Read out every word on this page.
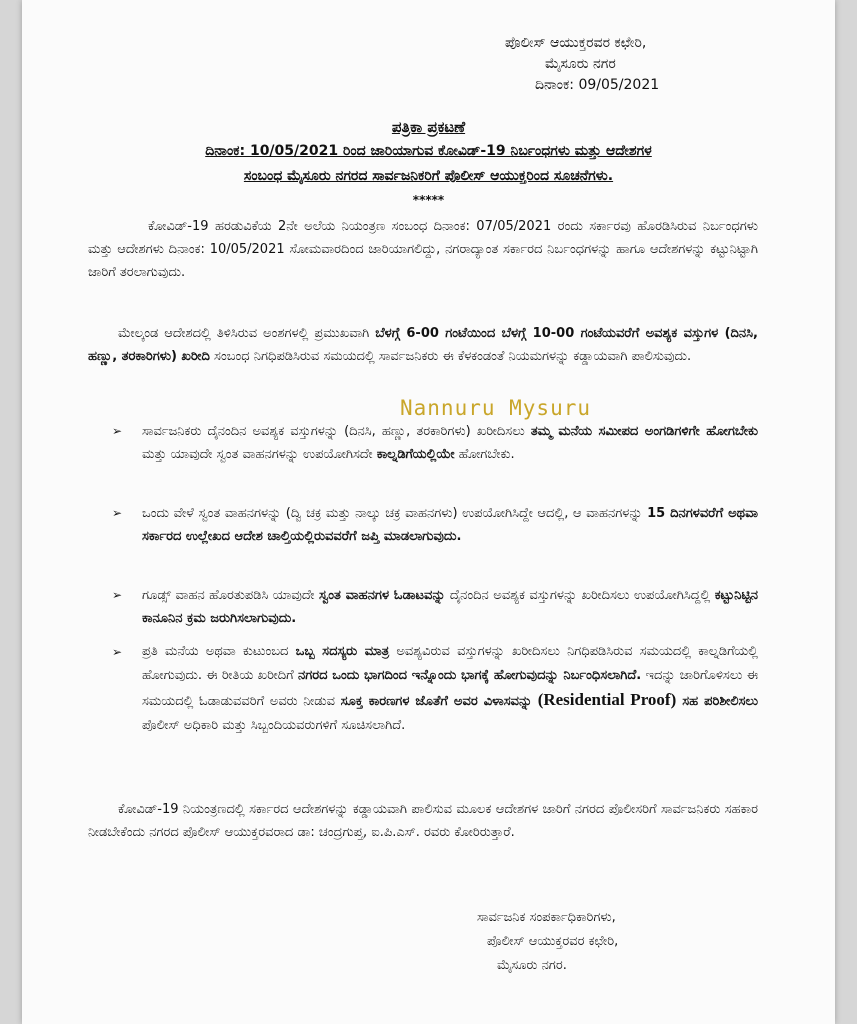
ಪೊಲೀಸ್ ಆಯುಕ್ತರವರ ಕಛೇರಿ,
ಮೈಸೂರು ನಗರ
ದಿನಾಂಕ: 09/05/2021
ಪತ್ರಿಕಾ ಪ್ರಕಟಣೆ
ದಿನಾಂಕ: 10/05/2021 ರಿಂದ ಜಾರಿಯಾಗುವ ಕೋವಿಡ್-19 ನಿರ್ಬಂಧಗಳು ಮತ್ತು ಆದೇಶಗಳ
ಸಂಬಂಧ ಮೈಸೂರು ನಗರದ ಸಾರ್ವಜನಿಕರಿಗೆ ಪೊಲೀಸ್ ಆಯುಕ್ತರಿಂದ ಸೂಚನೆಗಳು.
*****
ಕೋವಿಡ್-19 ಹರಡುವಿಕೆಯ 2ನೇ ಅಲೆಯ ನಿಯಂತ್ರಣ ಸಂಬಂಧ ದಿನಾಂಕ: 07/05/2021 ರಂದು ಸರ್ಕಾರವು ಹೊರಡಿಸಿರುವ ನಿರ್ಬಂಧಗಳು ಮತ್ತು ಆದೇಶಗಳು ದಿನಾಂಕ: 10/05/2021 ಸೋಮವಾರದಿಂದ ಜಾರಿಯಾಗಲಿದ್ದು, ನಗರಾದ್ಯಾಂತ ಸರ್ಕಾರದ ನಿರ್ಬಂಧಗಳನ್ನು ಹಾಗೂ ಆದೇಶಗಳನ್ನು ಕಟ್ಟುನಿಟ್ಟಾಗಿ ಜಾರಿಗೆ ತರಲಾಗುವುದು.
ಮೇಲ್ಕಂಡ ಆದೇಶದಲ್ಲಿ ತಿಳಿಸಿರುವ ಅಂಶಗಳಲ್ಲಿ ಪ್ರಮುಖವಾಗಿ ಬೆಳಗ್ಗೆ 6-00 ಗಂಟೆಯಿಂದ ಬೆಳಗ್ಗೆ 10-00 ಗಂಟೆಯವರೆಗೆ ಅವಶ್ಯಕ ವಸ್ತುಗಳ (ದಿನಸಿ, ಹಣ್ಣು, ತರಕಾರಿಗಳು) ಖರೀದಿ ಸಂಬಂಧ ನಿಗಧಿಪಡಿಸಿರುವ ಸಮಯದಲ್ಲಿ ಸಾರ್ವಜನಿಕರು ಈ ಕೆಳಕಂಡಂತೆ ನಿಯಮಗಳನ್ನು ಕಡ್ಡಾಯವಾಗಿ ಪಾಲಿಸುವುದು.
Nannuru Mysuru
➢ ಸಾರ್ವಜನಿಕರು ದೈನಂದಿನ ಅವಶ್ಯಕ ವಸ್ತುಗಳನ್ನು (ದಿನಸಿ, ಹಣ್ಣು, ತರಕಾರಿಗಳು) ಖರೀದಿಸಲು ತಮ್ಮ ಮನೆಯ ಸಮೀಪದ ಅಂಗಡಿಗಳಿಗೇ ಹೋಗಬೇಕು ಮತ್ತು ಯಾವುದೇ ಸ್ವಂತ ವಾಹನಗಳನ್ನು ಉಪಯೋಗಿಸದೇ ಕಾಲ್ನಡಿಗೆಯಲ್ಲಿಯೇ ಹೋಗಬೇಕು.
➢ ಒಂದು ವೇಳೆ ಸ್ವಂತ ವಾಹನಗಳನ್ನು (ದ್ವಿ ಚಕ್ರ ಮತ್ತು ನಾಲ್ಕು ಚಕ್ರ ವಾಹನಗಳು) ಉಪಯೋಗಿಸಿದ್ದೇ ಆದಲ್ಲಿ, ಆ ವಾಹನಗಳನ್ನು 15 ದಿನಗಳವರೆಗೆ ಅಥವಾ ಸರ್ಕಾರದ ಉಲ್ಲೇಖದ ಆದೇಶ ಚಾಲ್ತಿಯಲ್ಲಿರುವವರೆಗೆ ಜಪ್ತಿ ಮಾಡಲಾಗುವುದು.
➢ ಗೂಡ್ಸ್ ವಾಹನ ಹೊರತುಪಡಿಸಿ ಯಾವುದೇ ಸ್ವಂತ ವಾಹನಗಳ ಓಡಾಟವನ್ನು ದೈನಂದಿನ ಅವಶ್ಯಕ ವಸ್ತುಗಳನ್ನು ಖರೀದಿಸಲು ಉಪಯೋಗಿಸಿದ್ದಲ್ಲಿ ಕಟ್ಟುನಿಟ್ಟಿನ ಕಾನೂನಿನ ಕ್ರಮ ಜರುಗಿಸಲಾಗುವುದು.
➢ ಪ್ರತಿ ಮನೆಯ ಅಥವಾ ಕುಟುಂಬದ ಒಬ್ಬ ಸದಸ್ಯರು ಮಾತ್ರ ಅವಶ್ಯವಿರುವ ವಸ್ತುಗಳನ್ನು ಖರೀದಿಸಲು ನಿಗಧಿಪಡಿಸಿರುವ ಸಮಯದಲ್ಲಿ ಕಾಲ್ನಡಿಗೆಯಲ್ಲಿ ಹೋಗುವುದು. ಈ ರೀತಿಯ ಖರೀದಿಗೆ ನಗರದ ಒಂದು ಭಾಗದಿಂದ ಇನ್ನೊಂದು ಭಾಗಕ್ಕೆ ಹೋಗುವುದನ್ನು ನಿರ್ಬಂಧಿಸಲಾಗಿದೆ. ಇದನ್ನು ಜಾರಿಗೊಳಿಸಲು ಈ ಸಮಯದಲ್ಲಿ ಓಡಾಡುವವರಿಗೆ ಅವರು ನೀಡುವ ಸೂಕ್ತ ಕಾರಣಗಳ ಜೊತೆಗೆ ಅವರ ವಿಳಾಸವನ್ನು (Residential Proof) ಸಹ ಪರಿಶೀಲಿಸಲು ಪೊಲೀಸ್ ಅಧಿಕಾರಿ ಮತ್ತು ಸಿಬ್ಬಂದಿಯವರುಗಳಿಗೆ ಸೂಚಿಸಲಾಗಿದೆ.
ಕೋವಿಡ್-19 ನಿಯಂತ್ರಣದಲ್ಲಿ ಸರ್ಕಾರದ ಆದೇಶಗಳನ್ನು ಕಡ್ಡಾಯವಾಗಿ ಪಾಲಿಸುವ ಮೂಲಕ ಆದೇಶಗಳ ಜಾರಿಗೆ ನಗರದ ಪೊಲೀಸರಿಗೆ ಸಾರ್ವಜನಿಕರು ಸಹಕಾರ ನೀಡಬೇಕೆಂದು ನಗರದ ಪೊಲೀಸ್ ಆಯುಕ್ತರವರಾದ ಡಾ: ಚಂದ್ರಗುಪ್ತ, ಐ.ಪಿ.ಎಸ್. ರವರು ಕೋರಿರುತ್ತಾರೆ.
ಸಾರ್ವಜನಿಕ ಸಂಪರ್ಕಾಧಿಕಾರಿಗಳು,
ಪೊಲೀಸ್ ಆಯುಕ್ತರವರ ಕಛೇರಿ,
ಮೈಸೂರು ನಗರ.
